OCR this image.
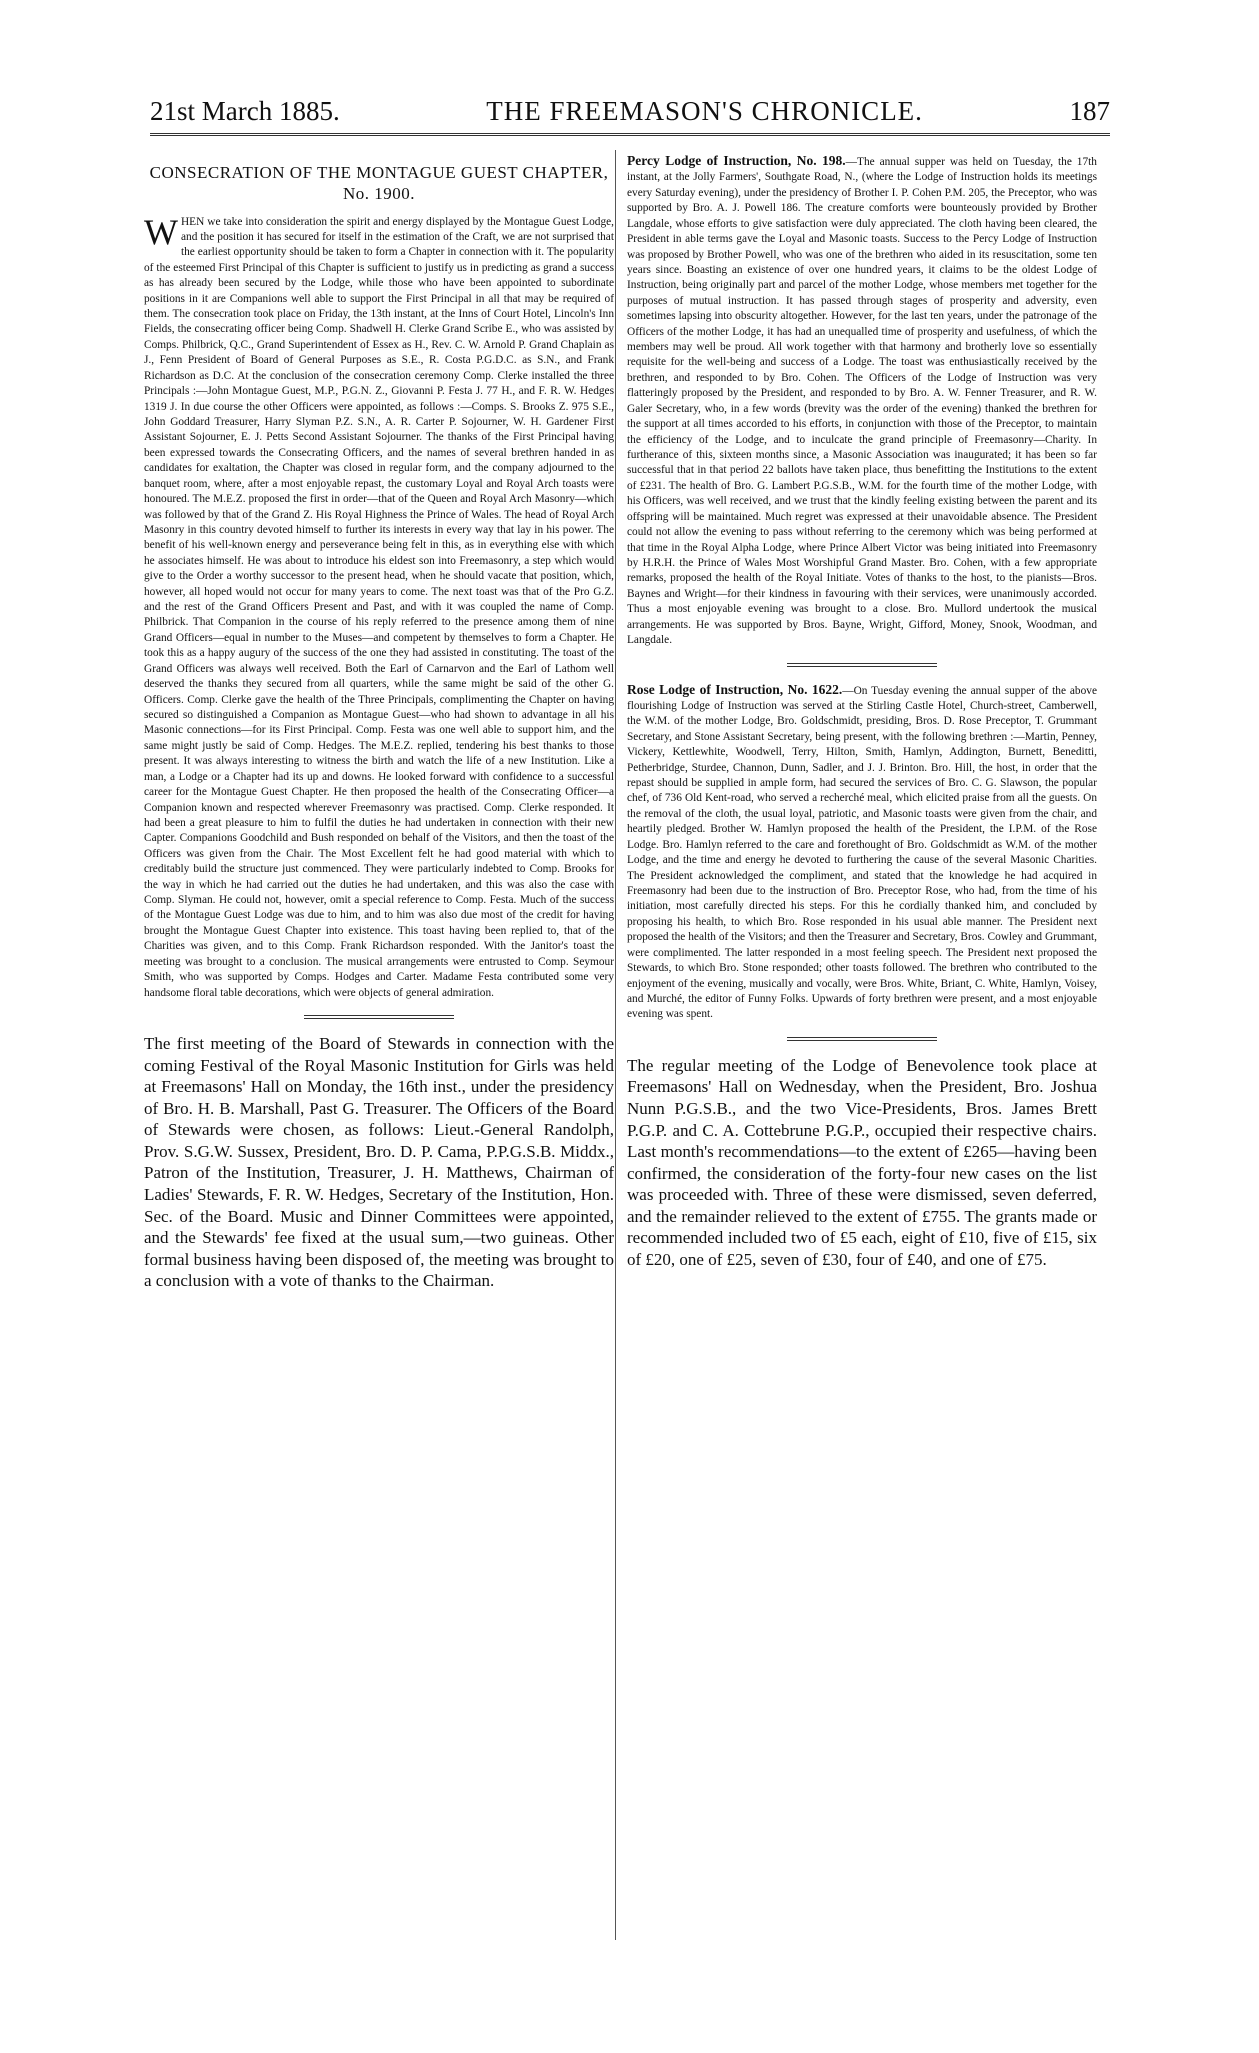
21st March 1885.	THE FREEMASON'S CHRONICLE.	187
CONSECRATION OF THE MONTAGUE GUEST CHAPTER, No. 1900.

WHEN we take into consideration the spirit and energy displayed by the Montague Guest Lodge, and the position it has secured for itself in the estimation of the Craft, we are not surprised that the earliest opportunity should be taken to form a Chapter in connection with it. The popularity of the esteemed First Principal of this Chapter is sufficient to justify us in predicting as grand a success as has already been secured by the Lodge, while those who have been appointed to subordinate positions in it are Companions well able to support the First Principal in all that may be required of them. The consecration took place on Friday, the 13th instant, at the Inns of Court Hotel, Lincoln's Inn Fields, the consecrating officer being Comp. Shadwell H. Clerke Grand Scribe E., who was assisted by Comps. Philbrick, Q.C., Grand Superintendent of Essex as H., Rev. C. W. Arnold P. Grand Chaplain as J., Fenn President of Board of General Purposes as S.E., R. Costa P.G.D.C. as S.N., and Frank Richardson as D.C. At the conclusion of the consecration ceremony Comp. Clerke installed the three Principals :—John Montague Guest, M.P., P.G.N. Z., Giovanni P. Festa J. 77 H., and F. R. W. Hedges 1319 J. In due course the other Officers were appointed, as follows :—Comps. S. Brooks Z. 975 S.E., John Goddard Treasurer, Harry Slyman P.Z. S.N., A. R. Carter P. Sojourner, W. H. Gardener First Assistant Sojourner, E. J. Petts Second Assistant Sojourner. The thanks of the First Principal having been expressed towards the Consecrating Officers, and the names of several brethren handed in as candidates for exaltation, the Chapter was closed in regular form, and the company adjourned to the banquet room, where, after a most enjoyable repast, the customary Loyal and Royal Arch toasts were honoured. The M.E.Z. proposed the first in order—that of the Queen and Royal Arch Masonry—which was followed by that of the Grand Z. His Royal Highness the Prince of Wales. The head of Royal Arch Masonry in this country devoted himself to further its interests in every way that lay in his power. The benefit of his well-known energy and perseverance being felt in this, as in everything else with which he associates himself. He was about to introduce his eldest son into Freemasonry, a step which would give to the Order a worthy successor to the present head, when he should vacate that position, which, however, all hoped would not occur for many years to come. The next toast was that of the Pro G.Z. and the rest of the Grand Officers Present and Past, and with it was coupled the name of Comp. Philbrick. That Companion in the course of his reply referred to the presence among them of nine Grand Officers—equal in number to the Muses—and competent by themselves to form a Chapter. He took this as a happy augury of the success of the one they had assisted in constituting. The toast of the Grand Officers was always well received. Both the Earl of Carnarvon and the Earl of Lathom well deserved the thanks they secured from all quarters, while the same might be said of the other G. Officers. Comp. Clerke gave the health of the Three Principals, complimenting the Chapter on having secured so distinguished a Companion as Montague Guest—who had shown to advantage in all his Masonic connections—for its First Principal. Comp. Festa was one well able to support him, and the same might justly be said of Comp. Hedges. The M.E.Z. replied, tendering his best thanks to those present. It was always interesting to witness the birth and watch the life of a new Institution. Like a man, a Lodge or a Chapter had its up and downs. He looked forward with confidence to a successful career for the Montague Guest Chapter. He then proposed the health of the Consecrating Officer—a Companion known and respected wherever Freemasonry was practised. Comp. Clerke responded. It had been a great pleasure to him to fulfil the duties he had undertaken in connection with their new Capter. Companions Goodchild and Bush responded on behalf of the Visitors, and then the toast of the Officers was given from the Chair. The Most Excellent felt he had good material with which to creditably build the structure just commenced. They were particularly indebted to Comp. Brooks for the way in which he had carried out the duties he had undertaken, and this was also the case with Comp. Slyman. He could not, however, omit a special reference to Comp. Festa. Much of the success of the Montague Guest Lodge was due to him, and to him was also due most of the credit for having brought the Montague Guest Chapter into existence. This toast having been replied to, that of the Charities was given, and to this Comp. Frank Richardson responded. With the Janitor's toast the meeting was brought to a conclusion. The musical arrangements were entrusted to Comp. Seymour Smith, who was supported by Comps. Hodges and Carter. Madame Festa contributed some very handsome floral table decorations, which were objects of general admiration.

The first meeting of the Board of Stewards in connection with the coming Festival of the Royal Masonic Institution for Girls was held at Freemasons' Hall on Monday, the 16th inst., under the presidency of Bro. H. B. Marshall, Past G. Treasurer. The Officers of the Board of Stewards were chosen, as follows: Lieut.-General Randolph, Prov. S.G.W. Sussex, President, Bro. D. P. Cama, P.P.G.S.B. Middx., Patron of the Institution, Treasurer, J. H. Matthews, Chairman of Ladies' Stewards, F. R. W. Hedges, Secretary of the Institution, Hon. Sec. of the Board. Music and Dinner Committees were appointed, and the Stewards' fee fixed at the usual sum,—two guineas. Other formal business having been disposed of, the meeting was brought to a conclusion with a vote of thanks to the Chairman.

Percy Lodge of Instruction, No. 198.—The annual supper was held on Tuesday, the 17th instant, at the Jolly Farmers', Southgate Road, N., (where the Lodge of Instruction holds its meetings every Saturday evening), under the presidency of Brother I. P. Cohen P.M. 205, the Preceptor, who was supported by Bro. A. J. Powell 186. The creature comforts were bounteously provided by Brother Langdale, whose efforts to give satisfaction were duly appreciated. The cloth having been cleared, the President in able terms gave the Loyal and Masonic toasts. Success to the Percy Lodge of Instruction was proposed by Brother Powell, who was one of the brethren who aided in its resuscitation, some ten years since. Boasting an existence of over one hundred years, it claims to be the oldest Lodge of Instruction, being originally part and parcel of the mother Lodge, whose members met together for the purposes of mutual instruction. It has passed through stages of prosperity and adversity, even sometimes lapsing into obscurity altogether. However, for the last ten years, under the patronage of the Officers of the mother Lodge, it has had an unequalled time of prosperity and usefulness, of which the members may well be proud. All work together with that harmony and brotherly love so essentially requisite for the well-being and success of a Lodge. The toast was enthusiastically received by the brethren, and responded to by Bro. Cohen. The Officers of the Lodge of Instruction was very flatteringly proposed by the President, and responded to by Bro. A. W. Fenner Treasurer, and R. W. Galer Secretary, who, in a few words (brevity was the order of the evening) thanked the brethren for the support at all times accorded to his efforts, in conjunction with those of the Preceptor, to maintain the efficiency of the Lodge, and to inculcate the grand principle of Freemasonry—Charity. In furtherance of this, sixteen months since, a Masonic Association was inaugurated; it has been so far successful that in that period 22 ballots have taken place, thus benefitting the Institutions to the extent of £231. The health of Bro. G. Lambert P.G.S.B., W.M. for the fourth time of the mother Lodge, with his Officers, was well received, and we trust that the kindly feeling existing between the parent and its offspring will be maintained. Much regret was expressed at their unavoidable absence. The President could not allow the evening to pass without referring to the ceremony which was being performed at that time in the Royal Alpha Lodge, where Prince Albert Victor was being initiated into Freemasonry by H.R.H. the Prince of Wales Most Worshipful Grand Master. Bro. Cohen, with a few appropriate remarks, proposed the health of the Royal Initiate. Votes of thanks to the host, to the pianists—Bros. Baynes and Wright—for their kindness in favouring with their services, were unanimously accorded. Thus a most enjoyable evening was brought to a close. Bro. Mullord undertook the musical arrangements. He was supported by Bros. Bayne, Wright, Gifford, Money, Snook, Woodman, and Langdale.

Rose Lodge of Instruction, No. 1622.—On Tuesday evening the annual supper of the above flourishing Lodge of Instruction was served at the Stirling Castle Hotel, Church-street, Camberwell, the W.M. of the mother Lodge, Bro. Goldschmidt, presiding, Bros. D. Rose Preceptor, T. Grummant Secretary, and Stone Assistant Secretary, being present, with the following brethren :—Martin, Penney, Vickery, Kettlewhite, Woodwell, Terry, Hilton, Smith, Hamlyn, Addington, Burnett, Beneditti, Petherbridge, Sturdee, Channon, Dunn, Sadler, and J. J. Brinton. Bro. Hill, the host, in order that the repast should be supplied in ample form, had secured the services of Bro. C. G. Slawson, the popular chef, of 736 Old Kent-road, who served a recherché meal, which elicited praise from all the guests. On the removal of the cloth, the usual loyal, patriotic, and Masonic toasts were given from the chair, and heartily pledged. Brother W. Hamlyn proposed the health of the President, the I.P.M. of the Rose Lodge. Bro. Hamlyn referred to the care and forethought of Bro. Goldschmidt as W.M. of the mother Lodge, and the time and energy he devoted to furthering the cause of the several Masonic Charities. The President acknowledged the compliment, and stated that the knowledge he had acquired in Freemasonry had been due to the instruction of Bro. Preceptor Rose, who had, from the time of his initiation, most carefully directed his steps. For this he cordially thanked him, and concluded by proposing his health, to which Bro. Rose responded in his usual able manner. The President next proposed the health of the Visitors; and then the Treasurer and Secretary, Bros. Cowley and Grummant, were complimented. The latter responded in a most feeling speech. The President next proposed the Stewards, to which Bro. Stone responded; other toasts followed. The brethren who contributed to the enjoyment of the evening, musically and vocally, were Bros. White, Briant, C. White, Hamlyn, Voisey, and Murché, the editor of Funny Folks. Upwards of forty brethren were present, and a most enjoyable evening was spent.

The regular meeting of the Lodge of Benevolence took place at Freemasons' Hall on Wednesday, when the President, Bro. Joshua Nunn P.G.S.B., and the two Vice-Presidents, Bros. James Brett P.G.P. and C. A. Cottebrune P.G.P., occupied their respective chairs. Last month's recommendations—to the extent of £265—having been confirmed, the consideration of the forty-four new cases on the list was proceeded with. Three of these were dismissed, seven deferred, and the remainder relieved to the extent of £755. The grants made or recommended included two of £5 each, eight of £10, five of £15, six of £20, one of £25, seven of £30, four of £40, and one of £75.
